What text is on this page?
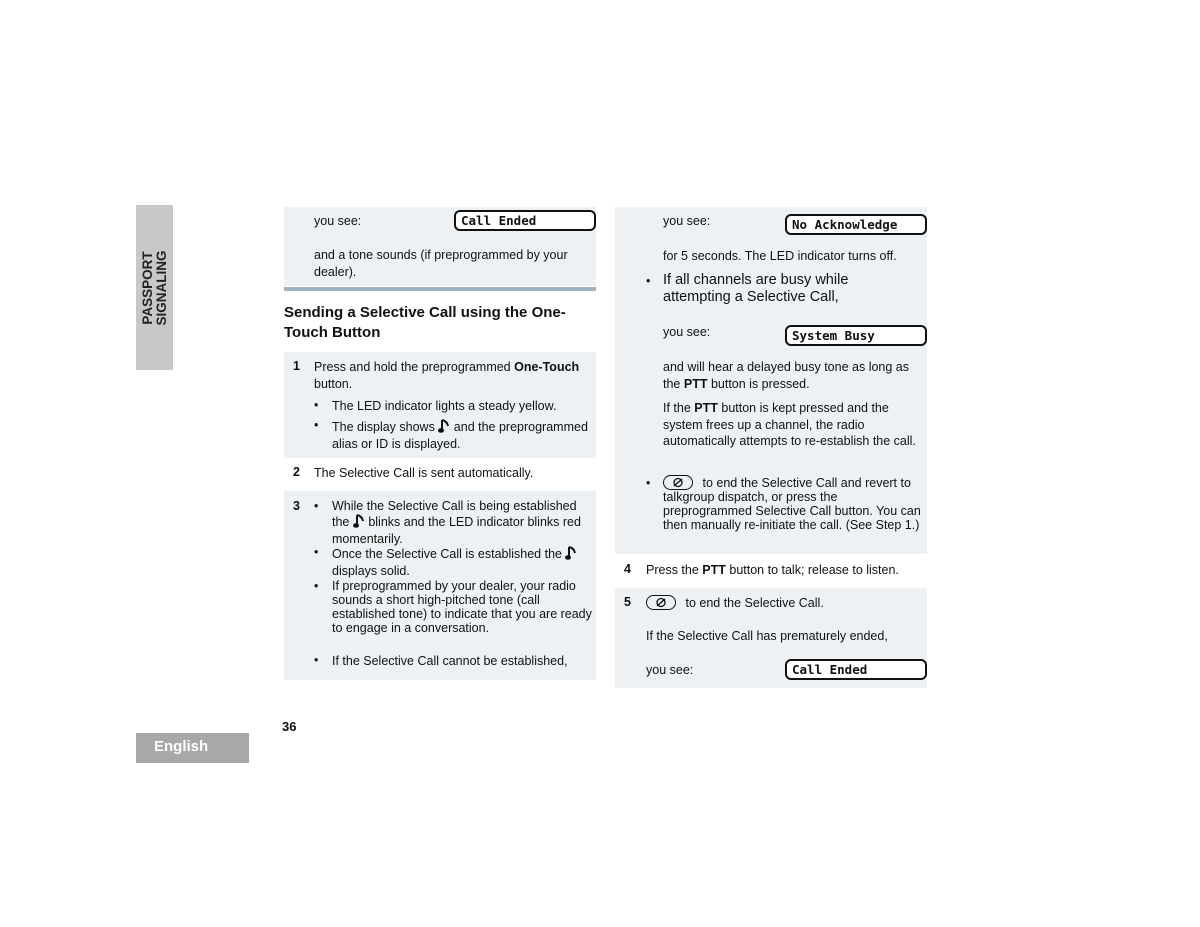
PASSPORT SIGNALING
English
36
you see:	Call Ended
and a tone sounds (if preprogrammed by your dealer).
Sending a Selective Call using the One-Touch Button
1 Press and hold the preprogrammed One-Touch button.
• The LED indicator lights a steady yellow.
• The display shows  and the preprogrammed alias or ID is displayed.
2 The Selective Call is sent automatically.
3 • While the Selective Call is being established the  blinks and the LED indicator blinks red momentarily.
• Once the Selective Call is established the  displays solid.
• If preprogrammed by your dealer, your radio sounds a short high-pitched tone (call established tone) to indicate that you are ready to engage in a conversation.
• If the Selective Call cannot be established,
you see:	No Acknowledge
for 5 seconds. The LED indicator turns off.
• If all channels are busy while attempting a Selective Call,
you see:	System Busy
and will hear a delayed busy tone as long as the PTT button is pressed.
If the PTT button is kept pressed and the system frees up a channel, the radio automatically attempts to re-establish the call.
•	to end the Selective Call and revert to talkgroup dispatch, or press the preprogrammed Selective Call button. You can then manually re-initiate the call. (See Step 1.)
4 Press the PTT button to talk; release to listen.
5	to end the Selective Call.
If the Selective Call has prematurely ended,
you see:	Call Ended
